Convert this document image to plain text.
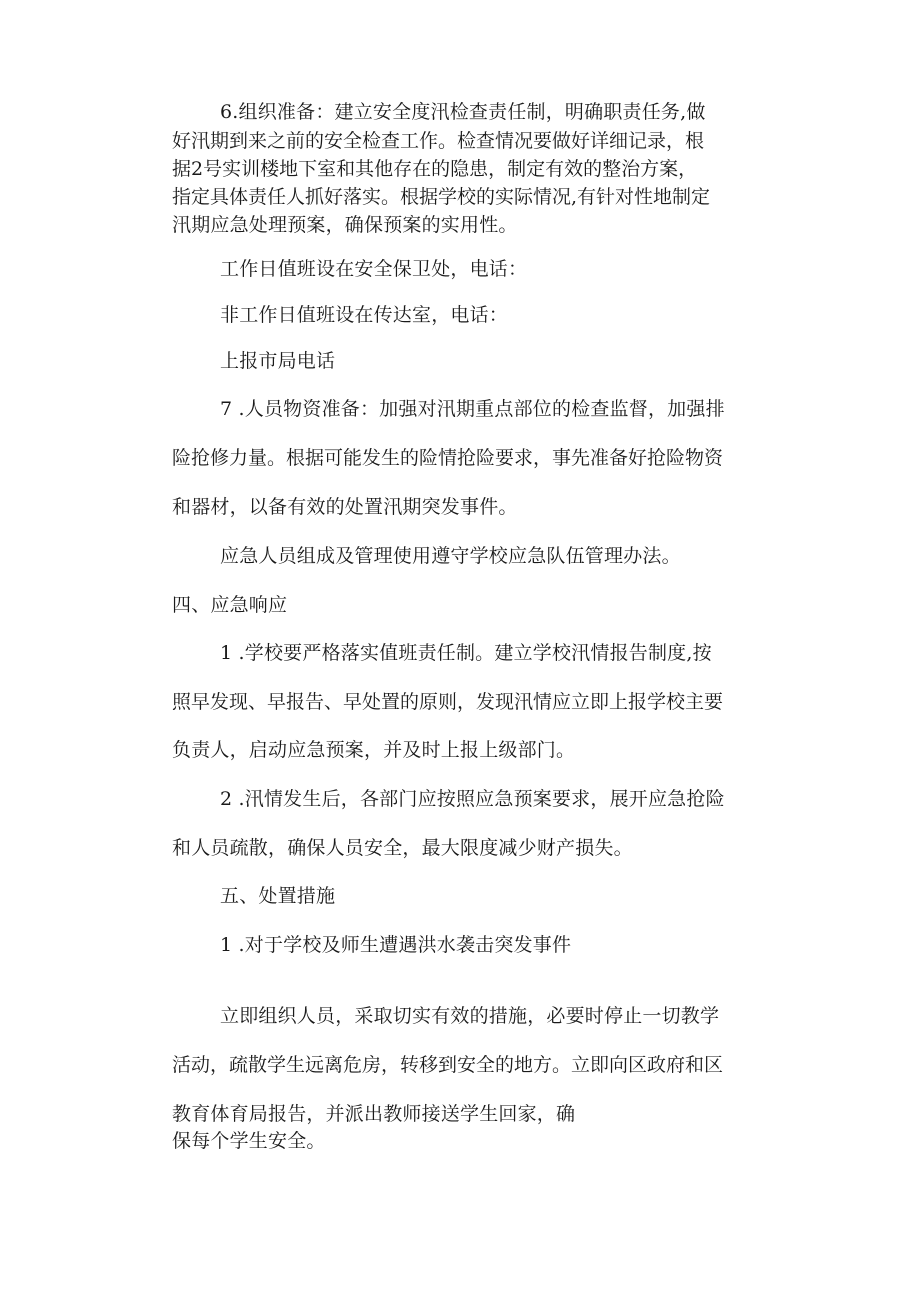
6.组织准备：建立安全度汛检查责任制，明确职责任务,做
好汛期到来之前的安全检查工作。检查情况要做好详细记录，根
据2号实训楼地下室和其他存在的隐患，制定有效的整治方案，
指定具体责任人抓好落实。根据学校的实际情况,有针对性地制定
汛期应急处理预案，确保预案的实用性。
工作日值班设在安全保卫处，电话：
非工作日值班设在传达室，电话：
上报市局电话
7 .人员物资准备：加强对汛期重点部位的检查监督，加强排
险抢修力量。根据可能发生的险情抢险要求，事先准备好抢险物资
和器材，以备有效的处置汛期突发事件。
应急人员组成及管理使用遵守学校应急队伍管理办法。
四、应急响应
1 .学校要严格落实值班责任制。建立学校汛情报告制度,按
照早发现、早报告、早处置的原则，发现汛情应立即上报学校主要
负责人，启动应急预案，并及时上报上级部门。
2 .汛情发生后，各部门应按照应急预案要求，展开应急抢险
和人员疏散，确保人员安全，最大限度减少财产损失。
五、处置措施
1 .对于学校及师生遭遇洪水袭击突发事件
立即组织人员，采取切实有效的措施，必要时停止一切教学
活动，疏散学生远离危房，转移到安全的地方。立即向区政府和区
教育体育局报告，并派出教师接送学生回家，确
保每个学生安全。
